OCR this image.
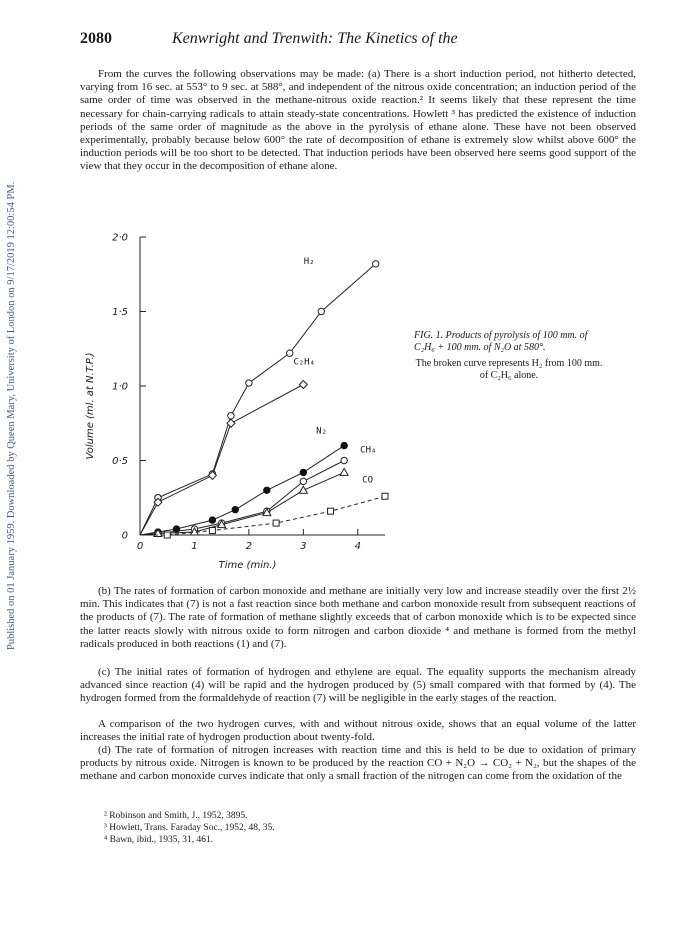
Published on 01 January 1959. Downloaded by Queen Mary, University of London on 9/17/2019 12:00:54 PM.
2080	Kenwright and Trenwith: The Kinetics of the

From the curves the following observations may be made: (a) There is a short induction period, not hitherto detected, varying from 16 sec. at 553° to 9 sec. at 588°, and independent of the nitrous oxide concentration; an induction period of the same order of time was observed in the methane-nitrous oxide reaction.² It seems likely that these represent the time necessary for chain-carrying radicals to attain steady-state concentrations. Howlett ³ has predicted the existence of induction periods of the same order of magnitude as the above in the pyrolysis of ethane alone. These have not been observed experimentally, probably because below 600° the rate of decomposition of ethane is extremely slow whilst above 600° the induction periods will be too short to be detected. That induction periods have been observed here seems good support of the view that they occur in the decomposition of ethane alone.

0
0·5
1·0
1·5
2·0
0	1	2	3	4
Time (min.)
Volume (ml. at N.T.P.)
H₂
C₂H₄
N₂
CH₄
CO

FIG. 1. Products of pyrolysis of 100 mm. of C₂H₆ + 100 mm. of N₂O at 580°.

The broken curve represents H₂ from 100 mm. of C₂H₆ alone.

(b) The rates of formation of carbon monoxide and methane are initially very low and increase steadily over the first 2½ min. This indicates that (7) is not a fast reaction since both methane and carbon monoxide result from subsequent reactions of the products of (7). The rate of formation of methane slightly exceeds that of carbon monoxide which is to be expected since the latter reacts slowly with nitrous oxide to form nitrogen and carbon dioxide ⁴ and methane is formed from the methyl radicals produced in both reactions (1) and (7).

(c) The initial rates of formation of hydrogen and ethylene are equal. The equality supports the mechanism already advanced since reaction (4) will be rapid and the hydrogen produced by (5) small compared with that formed by (4). The hydrogen formed from the formaldehyde of reaction (7) will be negligible in the early stages of the reaction.

A comparison of the two hydrogen curves, with and without nitrous oxide, shows that an equal volume of the latter increases the initial rate of hydrogen production about twenty-fold.

(d) The rate of formation of nitrogen increases with reaction time and this is held to be due to oxidation of primary products by nitrous oxide. Nitrogen is known to be produced by the reaction CO + N₂O → CO₂ + N₂, but the shapes of the methane and carbon monoxide curves indicate that only a small fraction of the nitrogen can come from the oxidation of the

² Robinson and Smith, J., 1952, 3895.
³ Howlett, Trans. Faraday Soc., 1952, 48, 35.
⁴ Bawn, ibid., 1935, 31, 461.
